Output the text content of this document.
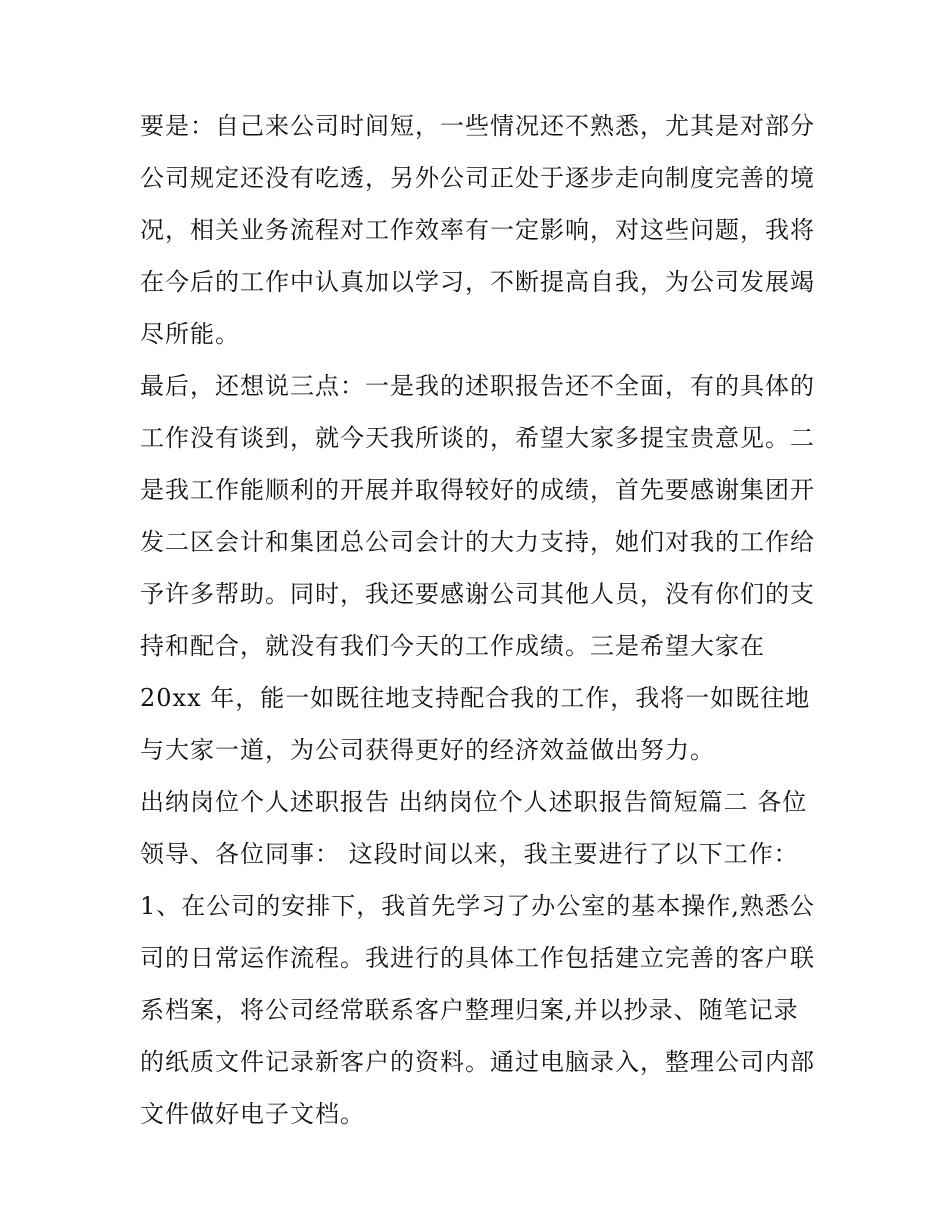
要是：自己来公司时间短，一些情况还不熟悉，尤其是对部分
公司规定还没有吃透，另外公司正处于逐步走向制度完善的境
况，相关业务流程对工作效率有一定影响，对这些问题，我将
在今后的工作中认真加以学习，不断提高自我，为公司发展竭
尽所能。
最后，还想说三点：一是我的述职报告还不全面，有的具体的
工作没有谈到，就今天我所谈的，希望大家多提宝贵意见。二
是我工作能顺利的开展并取得较好的成绩，首先要感谢集团开
发二区会计和集团总公司会计的大力支持，她们对我的工作给
予许多帮助。同时，我还要感谢公司其他人员，没有你们的支
持和配合，就没有我们今天的工作成绩。三是希望大家在
20xx 年，能一如既往地支持配合我的工作，我将一如既往地
与大家一道，为公司获得更好的经济效益做出努力。
出纳岗位个人述职报告 出纳岗位个人述职报告简短篇二 各位
领导、各位同事： 这段时间以来，我主要进行了以下工作：
1、在公司的安排下，我首先学习了办公室的基本操作,熟悉公
司的日常运作流程。我进行的具体工作包括建立完善的客户联
系档案，将公司经常联系客户整理归案,并以抄录、随笔记录
的纸质文件记录新客户的资料。通过电脑录入，整理公司内部
文件做好电子文档。
